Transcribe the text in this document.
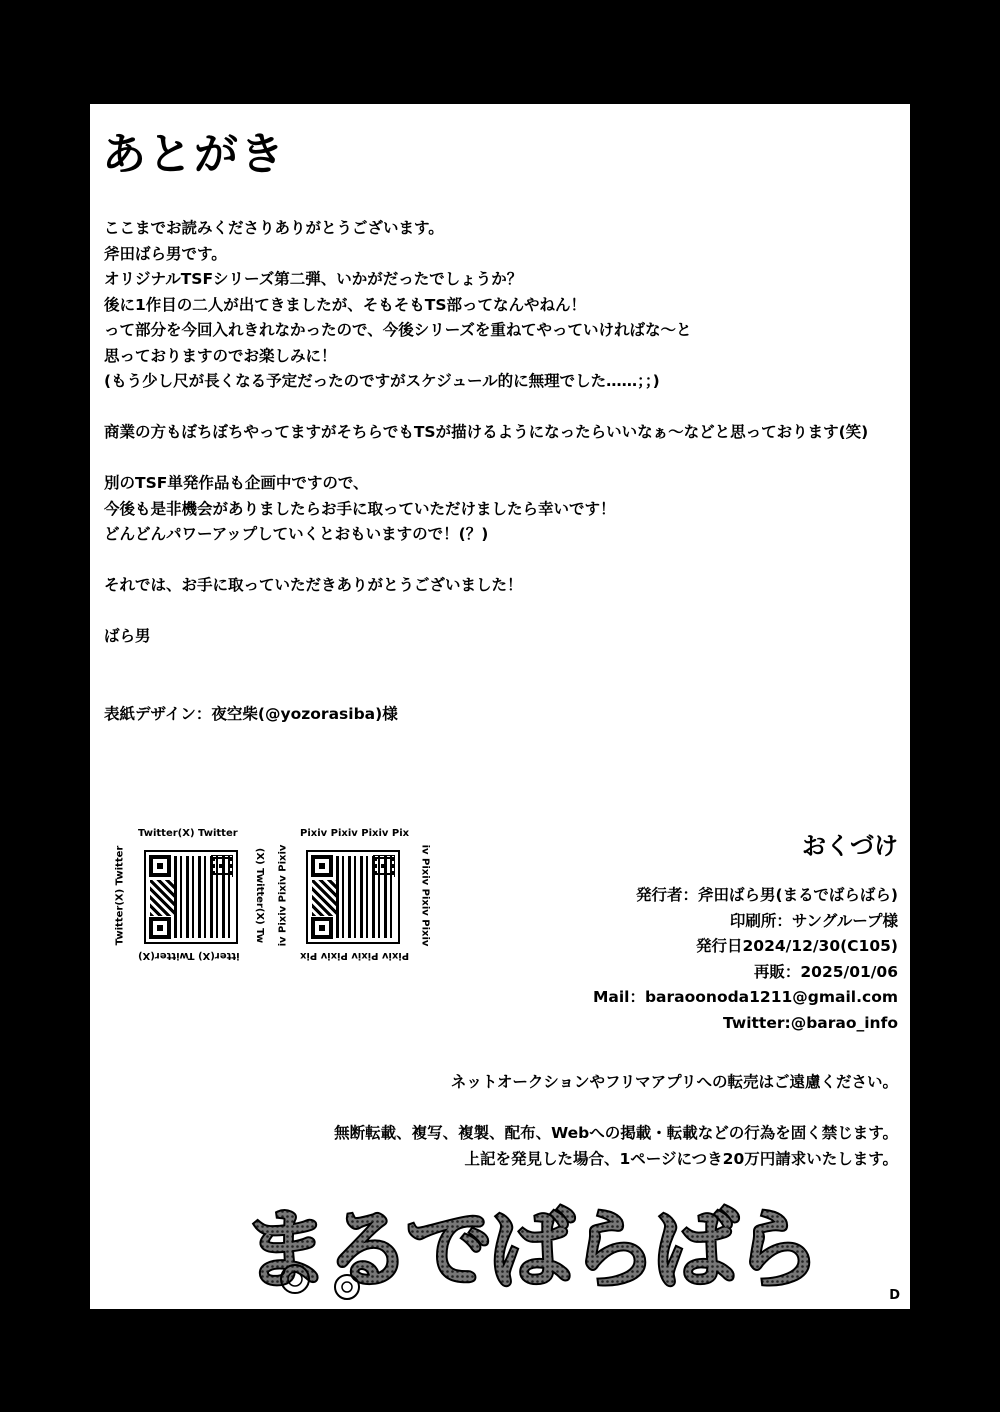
あとがき

ここまでお読みくださりありがとうございます。

斧田ばら男です。

オリジナルTSFシリーズ第二弾、いかがだったでしょうか？

後に1作目の二人が出てきましたが、そもそもTS部ってなんやねん！

って部分を今回入れきれなかったので、今後シリーズを重ねてやっていければな～と

思っておりますのでお楽しみに！

(もう少し尺が長くなる予定だったのですがスケジュール的に無理でした……；；)

商業の方もぼちぼちやってますがそちらでもTSが描けるようになったらいいなぁ～などと思っております(笑)

別のTSF単発作品も企画中ですので、

今後も是非機会がありましたらお手に取っていただけましたら幸いです！

どんどんパワーアップしていくとおもいますので！(？)

それでは、お手に取っていただきありがとうございました！

ばら男

表紙デザイン：夜空柴(@yozorasiba)様
Twitter(X) Twitter
(X) Twitter(X) Tw
itter(X) Twitter(X)
Twitter(X) Twitter
Pixiv Pixiv Pixiv Pix
iv Pixiv Pixiv Pixiv
Pixiv Pixiv Pixiv Pix
iv Pixiv Pixiv Pixiv	おくづけ
発行者：斧田ばら男(まるでばらばら)
印刷所：サングループ様
発行日2024/12/30(C105)
再販：2025/01/06
Mail：baraoonoda1211@gmail.com
Twitter:@barao_info

ネットオークションやフリマアプリへの転売はご遠慮ください。

無断転載、複写、複製、配布、Webへの掲載・転載などの行為を固く禁じます。

上記を発見した場合、1ページにつき20万円請求いたします。

まるでばらばら	D
